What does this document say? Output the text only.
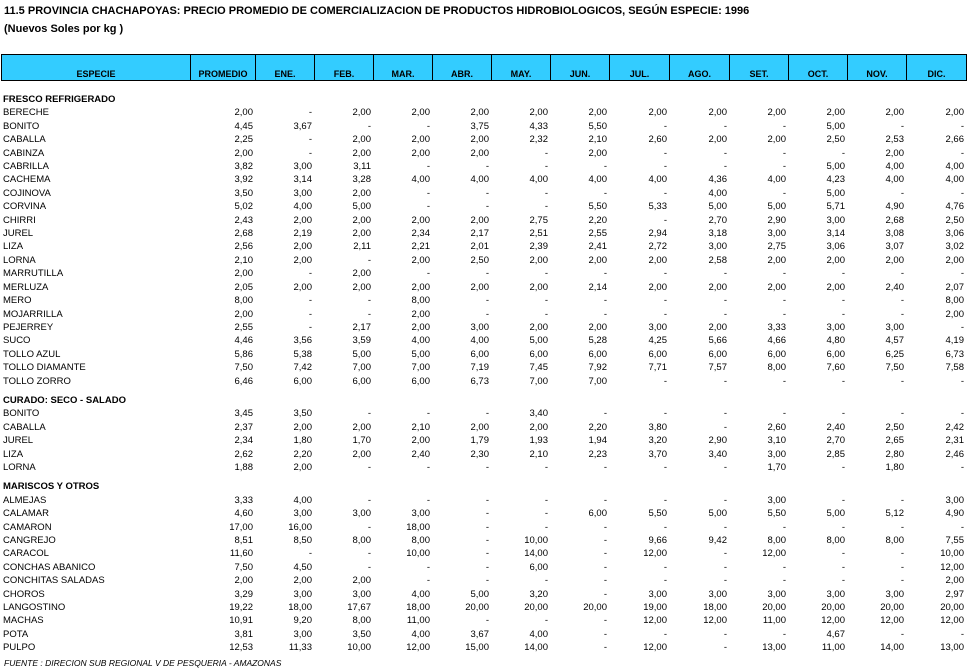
11.5 PROVINCIA CHACHAPOYAS: PRECIO PROMEDIO DE COMERCIALIZACION DE PRODUCTOS HIDROBIOLOGICOS, SEGÚN ESPECIE: 1996
(Nuevos Soles por kg )
ESPECIE	PROMEDIO	ENE.	FEB.	MAR.	ABR.	MAY.	JUN.	JUL.	AGO.	SET.	OCT.	NOV.	DIC.
FRESCO REFRIGERADO													
BERECHE	2,00	-	2,00	2,00	2,00	2,00	2,00	2,00	2,00	2,00	2,00	2,00	2,00
BONITO	4,45	3,67	-	-	3,75	4,33	5,50	-	-	-	5,00	-	-
CABALLA	2,25	-	2,00	2,00	2,00	2,32	2,10	2,60	2,00	2,00	2,50	2,53	2,66
CABINZA	2,00	-	2,00	2,00	2,00	-	2,00	-	-	-	-	2,00	-
CABRILLA	3,82	3,00	3,11	-	-	-	-	-	-	-	5,00	4,00	4,00
CACHEMA	3,92	3,14	3,28	4,00	4,00	4,00	4,00	4,00	4,36	4,00	4,23	4,00	4,00
COJINOVA	3,50	3,00	2,00	-	-	-	-	-	4,00	-	5,00	-	-
CORVINA	5,02	4,00	5,00	-	-	-	5,50	5,33	5,00	5,00	5,71	4,90	4,76
CHIRRI	2,43	2,00	2,00	2,00	2,00	2,75	2,20	-	2,70	2,90	3,00	2,68	2,50
JUREL	2,68	2,19	2,00	2,34	2,17	2,51	2,55	2,94	3,18	3,00	3,14	3,08	3,06
LIZA	2,56	2,00	2,11	2,21	2,01	2,39	2,41	2,72	3,00	2,75	3,06	3,07	3,02
LORNA	2,10	2,00	-	2,00	2,50	2,00	2,00	2,00	2,58	2,00	2,00	2,00	2,00
MARRUTILLA	2,00	-	2,00	-	-	-	-	-	-	-	-	-	-
MERLUZA	2,05	2,00	2,00	2,00	2,00	2,00	2,14	2,00	2,00	2,00	2,00	2,40	2,07
MERO	8,00	-	-	8,00	-	-	-	-	-	-	-	-	8,00
MOJARRILLA	2,00	-	-	2,00	-	-	-	-	-	-	-	-	2,00
PEJERREY	2,55	-	2,17	2,00	3,00	2,00	2,00	3,00	2,00	3,33	3,00	3,00	-
SUCO	4,46	3,56	3,59	4,00	4,00	5,00	5,28	4,25	5,66	4,66	4,80	4,57	4,19
TOLLO AZUL	5,86	5,38	5,00	5,00	6,00	6,00	6,00	6,00	6,00	6,00	6,00	6,25	6,73
TOLLO DIAMANTE	7,50	7,42	7,00	7,00	7,19	7,45	7,92	7,71	7,57	8,00	7,60	7,50	7,58
TOLLO ZORRO	6,46	6,00	6,00	6,00	6,73	7,00	7,00	-	-	-	-	-	-

CURADO: SECO - SALADO													
BONITO	3,45	3,50	-	-	-	3,40	-	-	-	-	-	-	-
CABALLA	2,37	2,00	2,00	2,10	2,00	2,00	2,20	3,80	-	2,60	2,40	2,50	2,42
JUREL	2,34	1,80	1,70	2,00	1,79	1,93	1,94	3,20	2,90	3,10	2,70	2,65	2,31
LIZA	2,62	2,20	2,00	2,40	2,30	2,10	2,23	3,70	3,40	3,00	2,85	2,80	2,46
LORNA	1,88	2,00	-	-	-	-	-	-	-	1,70	-	1,80	-

MARISCOS Y OTROS													
ALMEJAS	3,33	4,00	-	-	-	-	-	-	-	3,00	-	-	3,00
CALAMAR	4,60	3,00	3,00	3,00	-	-	6,00	5,50	5,00	5,50	5,00	5,12	4,90
CAMARON	17,00	16,00	-	18,00	-	-	-	-	-	-	-	-	-
CANGREJO	8,51	8,50	8,00	8,00	-	10,00	-	9,66	9,42	8,00	8,00	8,00	7,55
CARACOL	11,60	-	-	10,00	-	14,00	-	12,00	-	12,00	-	-	10,00
CONCHAS ABANICO	7,50	4,50	-	-	-	6,00	-	-	-	-	-	-	12,00
CONCHITAS SALADAS	2,00	2,00	2,00	-	-	-	-	-	-	-	-	-	2,00
CHOROS	3,29	3,00	3,00	4,00	5,00	3,20	-	3,00	3,00	3,00	3,00	3,00	2,97
LANGOSTINO	19,22	18,00	17,67	18,00	20,00	20,00	20,00	19,00	18,00	20,00	20,00	20,00	20,00
MACHAS	10,91	9,20	8,00	11,00	-	-	-	12,00	12,00	11,00	12,00	12,00	12,00
POTA	3,81	3,00	3,50	4,00	3,67	4,00	-	-	-	-	4,67	-	-
PULPO	12,53	11,33	10,00	12,00	15,00	14,00	-	12,00	-	13,00	11,00	14,00	13,00
FUENTE : DIRECION SUB REGIONAL V DE PESQUERIA - AMAZONAS
